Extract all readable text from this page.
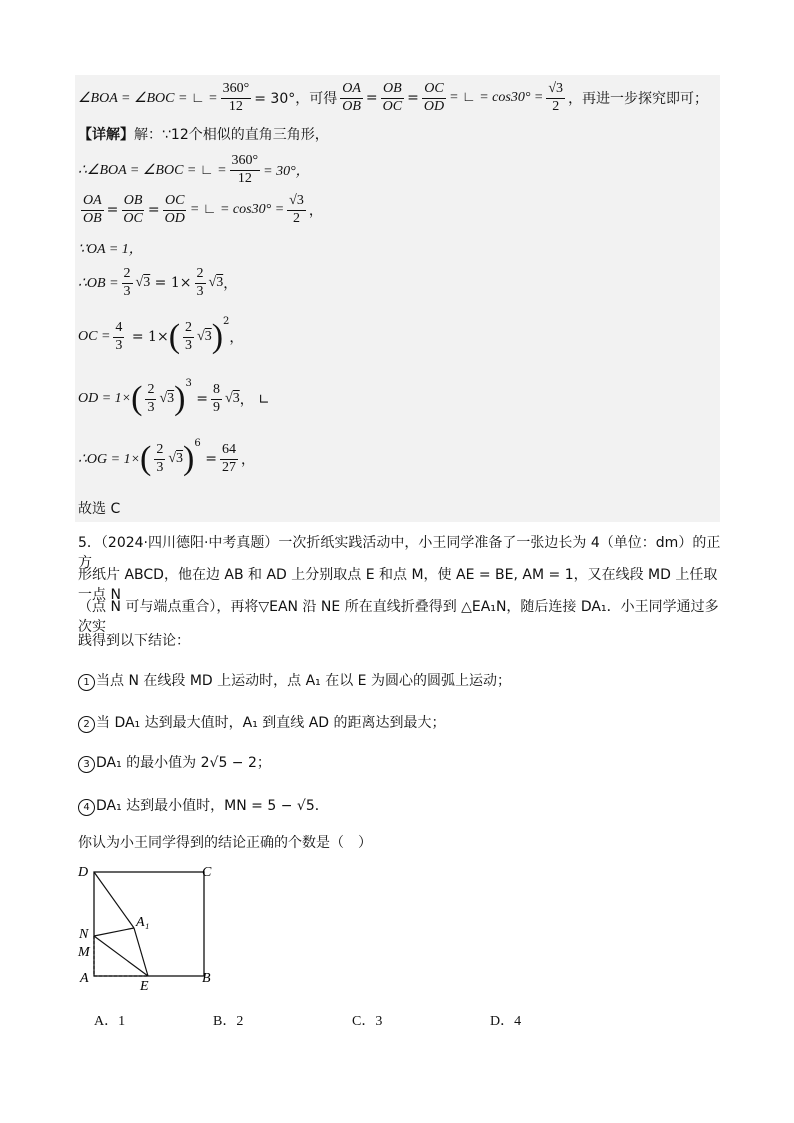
∠BOA = ∠BOC = ∟ = $\frac{360^\circ}{12} = 30^\circ$，可得 $\frac{OA}{OB} = \frac{OB}{OC} = \frac{OC}{OD}$ = ∟ = $\cos 30^\circ = \frac{√3}{2}$ ，再进一步探究即可；
【详解】 解：∵12个相似的直角三角形，
∴∠BOA = ∠BOC = ∟ = $\frac{360^\circ}{12} = 30^\circ$，
$\frac{OA}{OB} = \frac{OB}{OC} = \frac{OC}{OD}$ = ∟ = $\cos 30^\circ = \frac{√3}{2}$ ，
∵OA = 1，
∴OB = $\frac{2}{3} √3 = 1\times \frac{2}{3} √3$ ，
OC = $\frac{4}{3} = 1\times$ ( $\frac{2}{3} √3$ ) 2
，
OD = 1× ( $\frac{2}{3} √3$ ) 3
= $\frac{8}{9} √3$ ， ∟
∴OG = 1× ( $\frac{2}{3} √3$ ) 6
= $\frac{64}{27}$ ，
故选 C
5．（2024·四川德阳·中考真题）一次折纸实践活动中，小王同学准备了一张边长为 4（单位：dm）的正方
形纸片 ABCD，他在边 AB 和 AD 上分别取点 E 和点 M，使 AE = BE, AM = 1，又在线段 MD 上任取一点 N
（点 N 可与端点重合），再将▽EAN 沿 NE 所在直线折叠得到 △EA₁N，随后连接 DA₁．小王同学通过多次实
践得到以下结论：
1 当点 N 在线段 MD 上运动时，点 A₁ 在以 E 为圆心的圆弧上运动；
2 当 DA₁ 达到最大值时，A₁ 到直线 AD 的距离达到最大；
3 DA₁ 的最小值为 2√5 − 2；
4 DA₁ 达到最小值时，MN = 5 − √5．
你认为小王同学得到的结论正确的个数是（　）
D	C
N
M
A
E
B
A₁
A．1	B．2	C．3	D．4
